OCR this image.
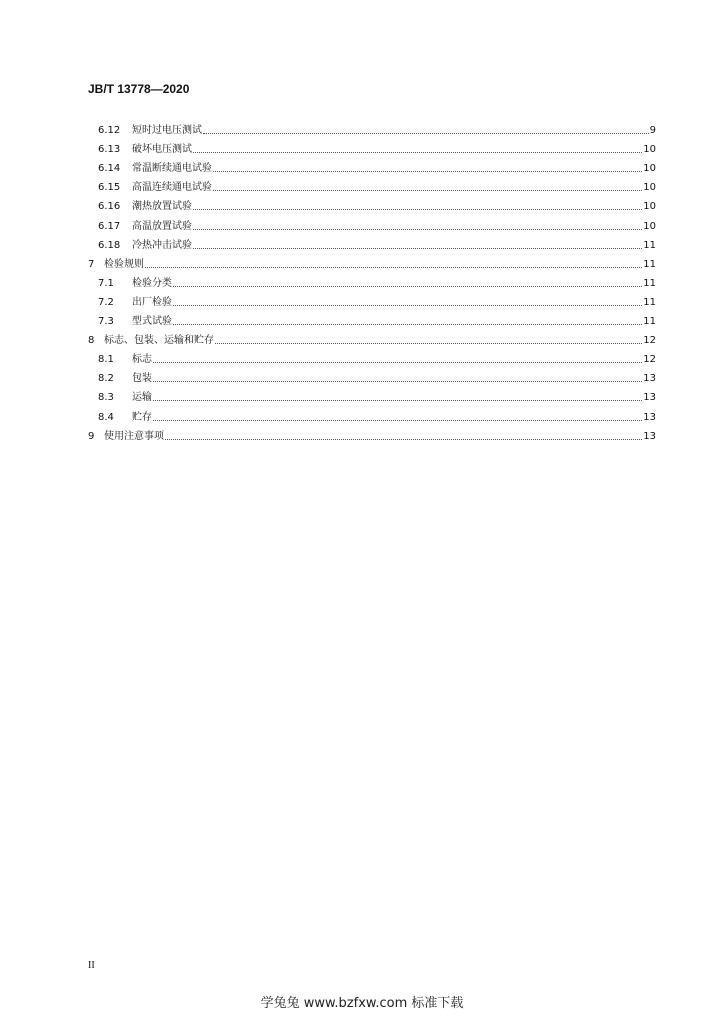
JB/T 13778—2020
6.12	短时过电压测试	9
6.13	破坏电压测试	10
6.14	常温断续通电试验	10
6.15	高温连续通电试验	10
6.16	潮热放置试验	10
6.17	高温放置试验	10
6.18	冷热冲击试验	11
7 检验规则	11
7.1	检验分类	11
7.2	出厂检验	11
7.3	型式试验	11
8 标志、包装、运输和贮存	12
8.1	标志	12
8.2	包装	13
8.3	运输	13
8.4	贮存	13
9 使用注意事项	13
II
学兔兔 www.bzfxw.com 标准下载
